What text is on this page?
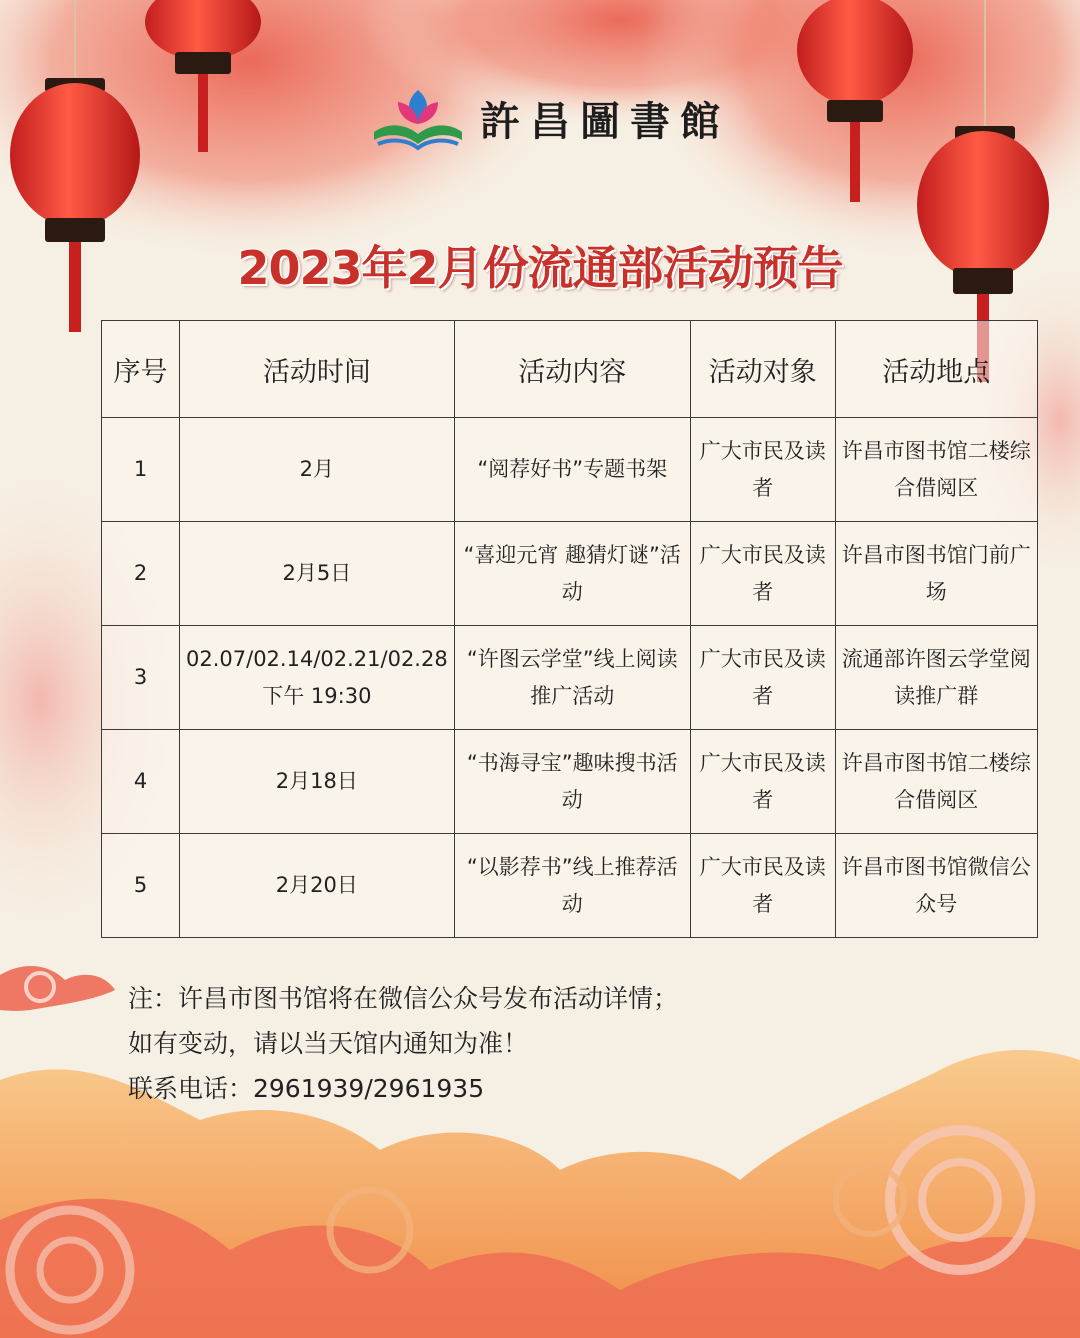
許昌圖書館
2023年2月份流通部活动预告
序号	活动时间	活动内容	活动对象	活动地点
1	2月	“阅荐好书”专题书架	广大市民及读者	许昌市图书馆二楼综合借阅区
2	2月5日	“喜迎元宵 趣猜灯谜”活动	广大市民及读者	许昌市图书馆门前广场
3	02.07/02.14/02.21/02.28 下午 19:30	“许图云学堂”线上阅读推广活动	广大市民及读者	流通部许图云学堂阅读推广群
4	2月18日	“书海寻宝”趣味搜书活动	广大市民及读者	许昌市图书馆二楼综合借阅区
5	2月20日	“以影荐书”线上推荐活动	广大市民及读者	许昌市图书馆微信公众号
注：许昌市图书馆将在微信公众号发布活动详情；
如有变动，请以当天馆内通知为准！
联系电话：2961939/2961935
